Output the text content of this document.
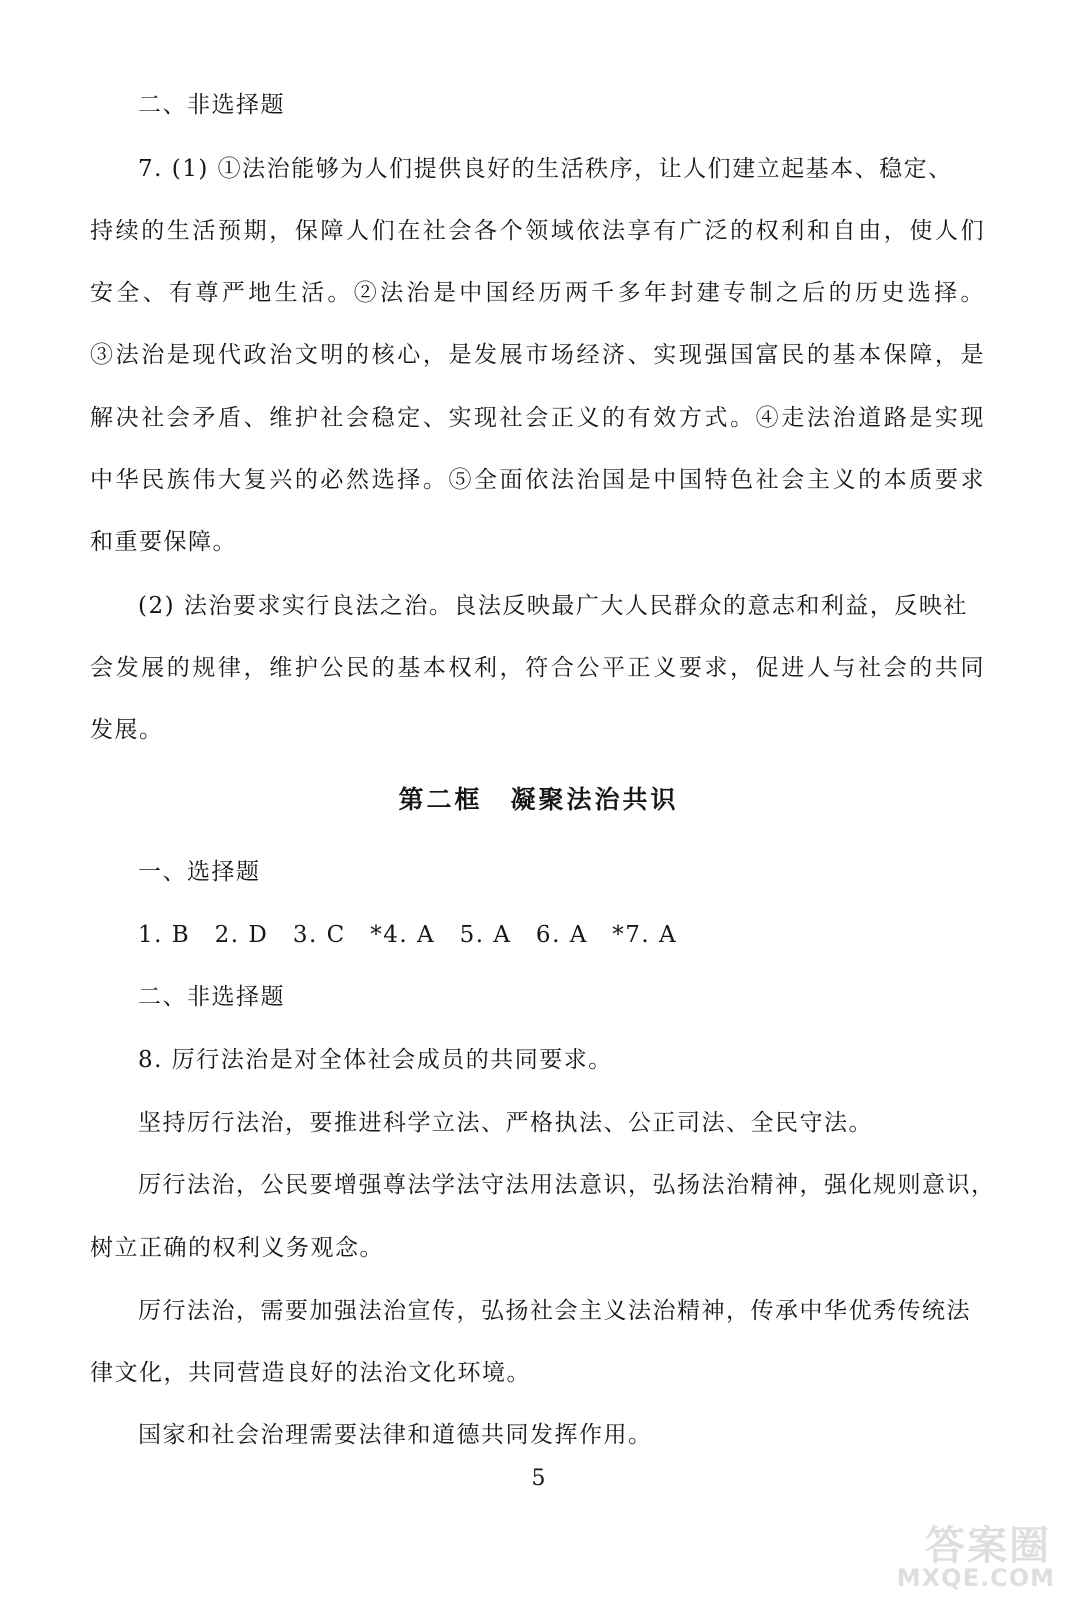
二、非选择题
7. (1) ①法治能够为人们提供良好的生活秩序，让人们建立起基本、稳定、
持续的生活预期，保障人们在社会各个领域依法享有广泛的权利和自由，使人们
安全、有尊严地生活。②法治是中国经历两千多年封建专制之后的历史选择。
③法治是现代政治文明的核心，是发展市场经济、实现强国富民的基本保障，是
解决社会矛盾、维护社会稳定、实现社会正义的有效方式。④走法治道路是实现
中华民族伟大复兴的必然选择。⑤全面依法治国是中国特色社会主义的本质要求
和重要保障。
(2) 法治要求实行良法之治。良法反映最广大人民群众的意志和利益，反映社
会发展的规律，维护公民的基本权利，符合公平正义要求，促进人与社会的共同
发展。
第二框　凝聚法治共识
一、选择题
1. B　2. D　3. C　*4. A　5. A　6. A　*7. A
二、非选择题
8. 厉行法治是对全体社会成员的共同要求。
坚持厉行法治，要推进科学立法、严格执法、公正司法、全民守法。
厉行法治，公民要增强尊法学法守法用法意识，弘扬法治精神，强化规则意识，
树立正确的权利义务观念。
厉行法治，需要加强法治宣传，弘扬社会主义法治精神，传承中华优秀传统法
律文化，共同营造良好的法治文化环境。
国家和社会治理需要法律和道德共同发挥作用。
5
答案圈
MXQE.COM
